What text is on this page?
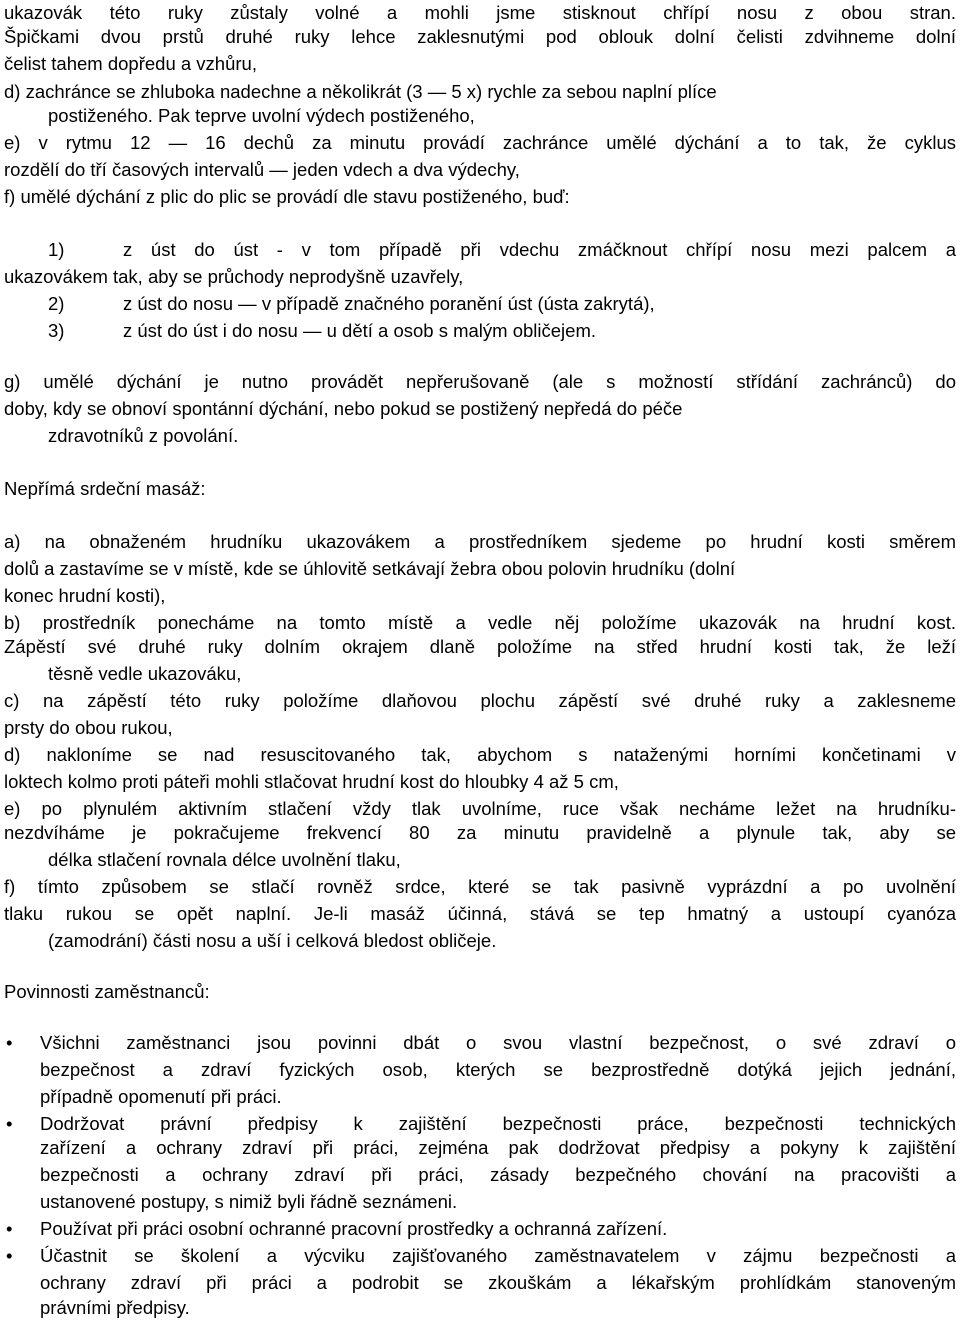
ukazovák této ruky zůstaly volné a mohli jsme stisknout chřípí nosu z obou stran.
Špičkami dvou prstů druhé ruky lehce zaklesnutými pod oblouk dolní čelisti zdvihneme dolní
čelist tahem dopředu a vzhůru,
d) zachránce se zhluboka nadechne a několikrát (3 — 5 x) rychle za sebou naplní plíce
postiženého. Pak teprve uvolní výdech postiženého,
e) v rytmu 12 — 16 dechů za minutu provádí zachránce umělé dýchání a to tak, že cyklus
rozdělí do tří časových intervalů — jeden vdech a dva výdechy,
f) umělé dýchání z plic do plic se provádí dle stavu postiženého, buď:
1)	z úst do úst - v tom případě při vdechu zmáčknout chřípí nosu mezi palcem a
ukazovákem tak, aby se průchody neprodyšně uzavřely,
2)	z úst do nosu — v případě značného poranění úst (ústa zakrytá),
3)	z úst do úst i do nosu — u dětí a osob s malým obličejem.
g) umělé dýchání je nutno provádět nepřerušovaně (ale s možností střídání zachránců) do
doby, kdy se obnoví spontánní dýchání, nebo pokud se postižený nepředá do péče
zdravotníků z povolání.
Nepřímá srdeční masáž:
a) na obnaženém hrudníku ukazovákem a prostředníkem sjedeme po hrudní kosti směrem
dolů a zastavíme se v místě, kde se úhlovitě setkávají žebra obou polovin hrudníku (dolní
konec hrudní kosti),
b) prostředník ponecháme na tomto místě a vedle něj položíme ukazovák na hrudní kost.
Zápěstí své druhé ruky dolním okrajem dlaně položíme na střed hrudní kosti tak, že leží
těsně vedle ukazováku,
c) na zápěstí této ruky položíme dlaňovou plochu zápěstí své druhé ruky a zaklesneme
prsty do obou rukou,
d) nakloníme se nad resuscitovaného tak, abychom s nataženými horními končetinami v
loktech kolmo proti páteři mohli stlačovat hrudní kost do hloubky 4 až 5 cm,
e) po plynulém aktivním stlačení vždy tlak uvolníme, ruce však necháme ležet na hrudníku-
nezdvíháme je pokračujeme frekvencí 80 za minutu pravidelně a plynule tak, aby se
délka stlačení rovnala délce uvolnění tlaku,
f) tímto způsobem se stlačí rovněž srdce, které se tak pasivně vyprázdní a po uvolnění
tlaku rukou se opět naplní. Je-li masáž účinná, stává se tep hmatný a ustoupí cyanóza
(zamodrání) části nosu a uší i celková bledost obličeje.
Povinnosti zaměstnanců:
• Všichni zaměstnanci jsou povinni dbát o svou vlastní bezpečnost, o své zdraví o
bezpečnost a zdraví fyzických osob, kterých se bezprostředně dotýká jejich jednání,
případně opomenutí při práci.
• Dodržovat právní předpisy k zajištění bezpečnosti práce, bezpečnosti technických
zařízení a ochrany zdraví při práci, zejména pak dodržovat předpisy a pokyny k zajištění
bezpečnosti a ochrany zdraví při práci, zásady bezpečného chování na pracovišti a
ustanovené postupy, s nimiž byli řádně seznámeni.
• Používat při práci osobní ochranné pracovní prostředky a ochranná zařízení.
• Účastnit se školení a výcviku zajišťovaného zaměstnavatelem v zájmu bezpečnosti a
ochrany zdraví při práci a podrobit se zkouškám a lékařským prohlídkám stanoveným
právními předpisy.
